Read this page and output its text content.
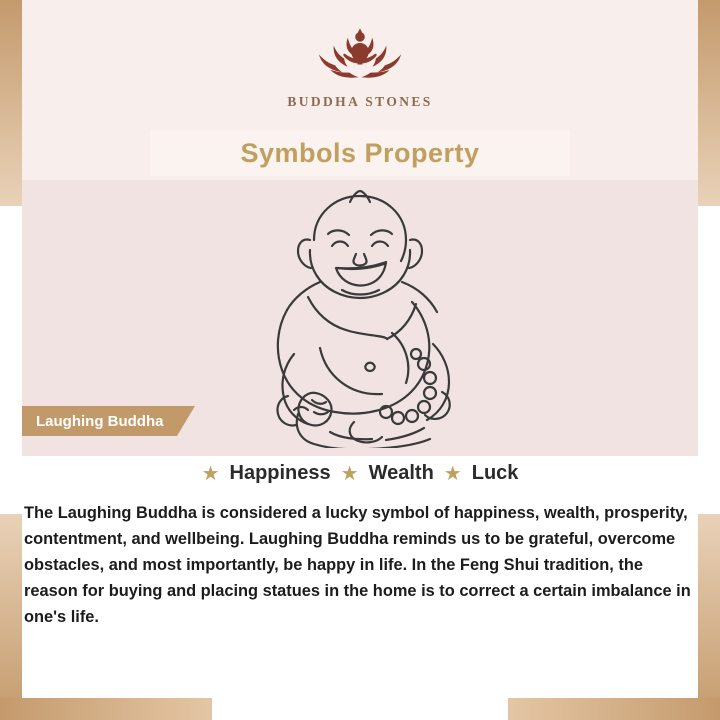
BUDDHA STONES
Symbols Property
Laughing Buddha
★ Happiness ★ Wealth ★ Luck
The Laughing Buddha is considered a lucky symbol of happiness, wealth, prosperity, contentment, and wellbeing. Laughing Buddha reminds us to be grateful, overcome obstacles, and most importantly, be happy in life. In the Feng Shui tradition, the reason for buying and placing statues in the home is to correct a certain imbalance in one's life.
